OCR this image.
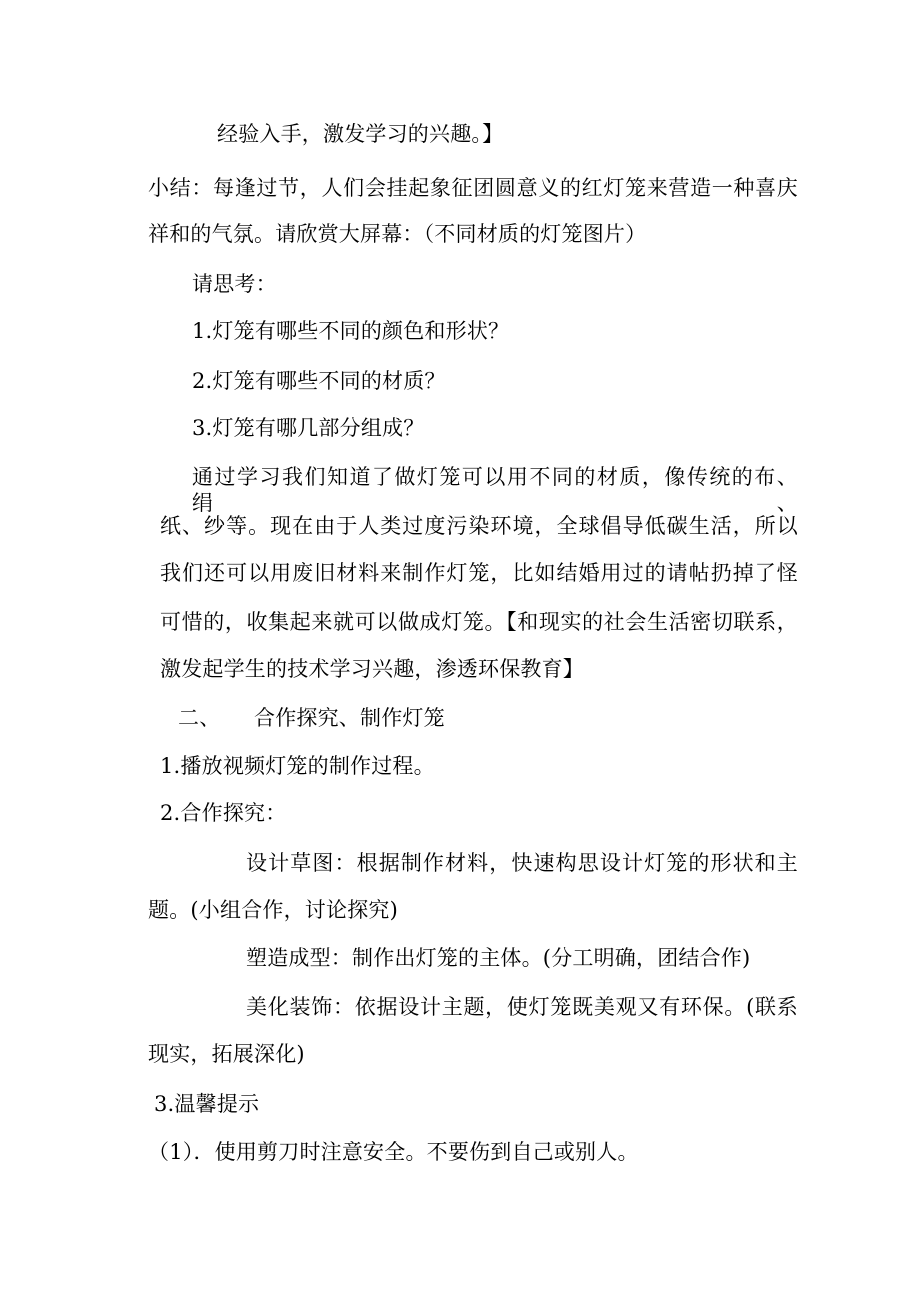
经验入手，激发学习的兴趣。】
小结：每逢过节，人们会挂起象征团圆意义的红灯笼来营造一种喜庆
祥和的气氛。请欣赏大屏幕：（不同材质的灯笼图片）
请思考：
1.灯笼有哪些不同的颜色和形状？
2.灯笼有哪些不同的材质？
3.灯笼有哪几部分组成？
通过学习我们知道了做灯笼可以用不同的材质，像传统的布、绢、
纸、纱等。现在由于人类过度污染环境，全球倡导低碳生活，所以
我们还可以用废旧材料来制作灯笼，比如结婚用过的请帖扔掉了怪
可惜的，收集起来就可以做成灯笼。【和现实的社会生活密切联系，
激发起学生的技术学习兴趣，渗透环保教育】
二、 合作探究、制作灯笼
1.播放视频灯笼的制作过程。
2.合作探究：
设计草图：根据制作材料，快速构思设计灯笼的形状和主
题。(小组合作，讨论探究)
塑造成型：制作出灯笼的主体。(分工明确，团结合作)
美化装饰：依据设计主题，使灯笼既美观又有环保。(联系
现实，拓展深化)
3.温馨提示
（1）．使用剪刀时注意安全。不要伤到自己或别人。
